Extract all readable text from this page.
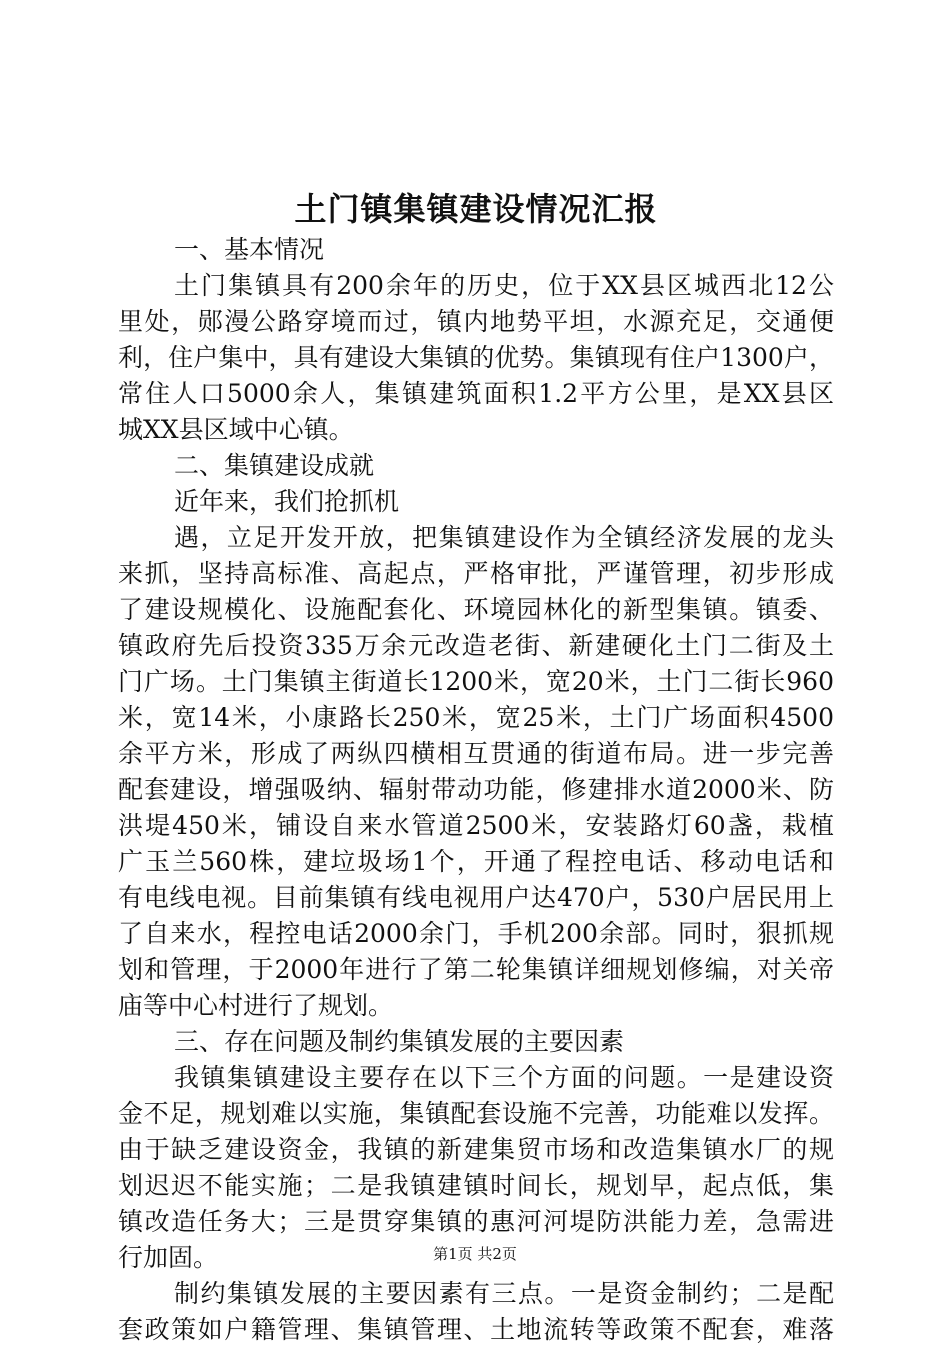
土门镇集镇建设情况汇报

一、基本情况

土门集镇具有200余年的历史，位于XX县区城西北12公

里处，郧漫公路穿境而过，镇内地势平坦，水源充足，交通便

利，住户集中，具有建设大集镇的优势。集镇现有住户1300户，

常住人口5000余人，集镇建筑面积1.2平方公里，是XX县区

城XX县区域中心镇。

二、集镇建设成就

近年来，我们抢抓机

遇，立足开发开放，把集镇建设作为全镇经济发展的龙头

来抓，坚持高标准、高起点，严格审批，严谨管理，初步形成

了建设规模化、设施配套化、环境园林化的新型集镇。镇委、

镇政府先后投资335万余元改造老街、新建硬化土门二街及土

门广场。土门集镇主街道长1200米，宽20米，土门二街长960

米，宽14米，小康路长250米，宽25米，土门广场面积4500

余平方米，形成了两纵四横相互贯通的街道布局。进一步完善

配套建设，增强吸纳、辐射带动功能，修建排水道2000米、防

洪堤450米，铺设自来水管道2500米，安装路灯60盏，栽植

广玉兰560株，建垃圾场1个，开通了程控电话、移动电话和

有电线电视。目前集镇有线电视用户达470户，530户居民用上

了自来水，程控电话2000余门，手机200余部。同时，狠抓规

划和管理，于2000年进行了第二轮集镇详细规划修编，对关帝

庙等中心村进行了规划。

三、存在问题及制约集镇发展的主要因素

我镇集镇建设主要存在以下三个方面的问题。一是建设资

金不足，规划难以实施，集镇配套设施不完善，功能难以发挥。

由于缺乏建设资金，我镇的新建集贸市场和改造集镇水厂的规

划迟迟不能实施；二是我镇建镇时间长，规划早，起点低，集

镇改造任务大；三是贯穿集镇的惠河河堤防洪能力差，急需进

行加固。

制约集镇发展的主要因素有三点。一是资金制约；二是配

套政策如户籍管理、集镇管理、土地流转等政策不配套，难落

第1页 共2页
